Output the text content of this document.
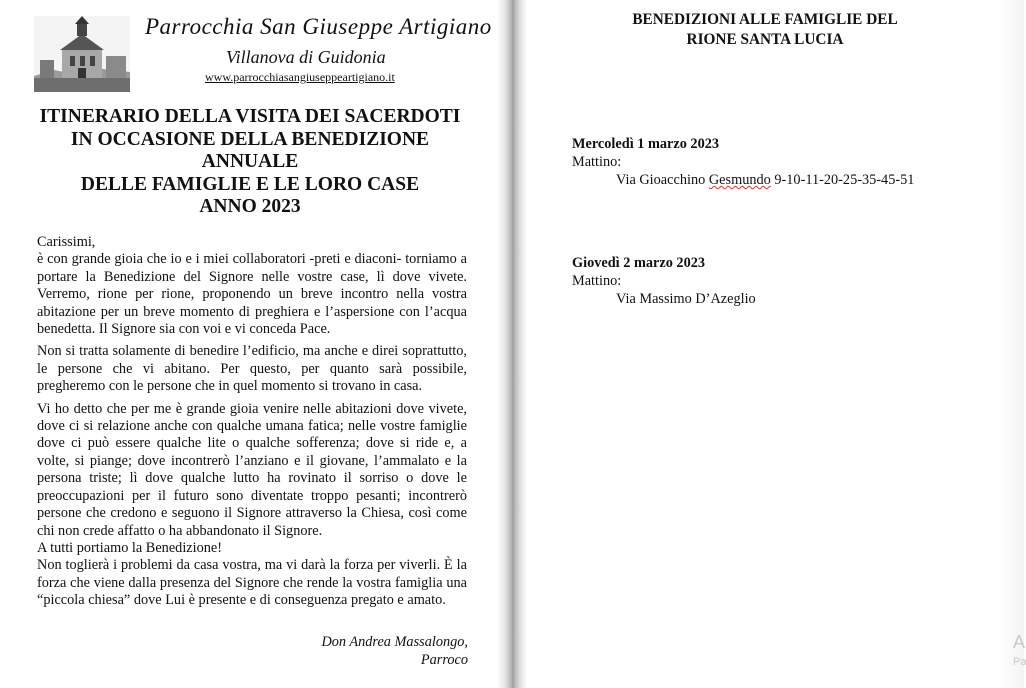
A
Pa
Parrocchia San Giuseppe Artigiano
Villanova di Guidonia
www.parrocchiasangiuseppeartigiano.it
ITINERARIO DELLA VISITA DEI SACERDOTI
IN OCCASIONE DELLA BENEDIZIONE
ANNUALE
DELLE FAMIGLIE E LE LORO CASE
ANNO 2023

Carissimi,

è con grande gioia che io e i miei collaboratori -preti e diaconi- torniamo a portare la Benedizione del Signore nelle vostre case, lì dove vivete. Verremo, rione per rione, proponendo un breve incontro nella vostra abitazione per un breve momento di preghiera e l’aspersione con l’acqua benedetta. Il Signore sia con voi e vi conceda Pace.

Non si tratta solamente di benedire l’edificio, ma anche e direi soprattutto, le persone che vi abitano. Per questo, per quanto sarà possibile, pregheremo con le persone che in quel momento si trovano in casa.

Vi ho detto che per me è grande gioia venire nelle abitazioni dove vivete, dove ci si relazione anche con qualche umana fatica; nelle vostre famiglie dove ci può essere qualche lite o qualche sofferenza; dove si ride e, a volte, si piange; dove incontrerò l’anziano e il giovane, l’ammalato e la persona triste; lì dove qualche lutto ha rovinato il sorriso o dove le preoccupazioni per il futuro sono diventate troppo pesanti; incontrerò persone che credono e seguono il Signore attraverso la Chiesa, così come chi non crede affatto o ha abbandonato il Signore.

A tutti portiamo la Benedizione!

Non toglierà i problemi da casa vostra, ma vi darà la forza per viverli. È la forza che viene dalla presenza del Signore che rende la vostra famiglia una “piccola chiesa” dove Lui è presente e di conseguenza pregato e amato.

Don Andrea Massalongo,
Parroco
BENEDIZIONI ALLE FAMIGLIE DEL
RIONE SANTA LUCIA
Mercoledì 1 marzo 2023
Mattino:
Via Gioacchino Gesmundo 9-10-11-20-25-35-45-51
Giovedì 2 marzo 2023
Mattino:
Via Massimo D’Azeglio
